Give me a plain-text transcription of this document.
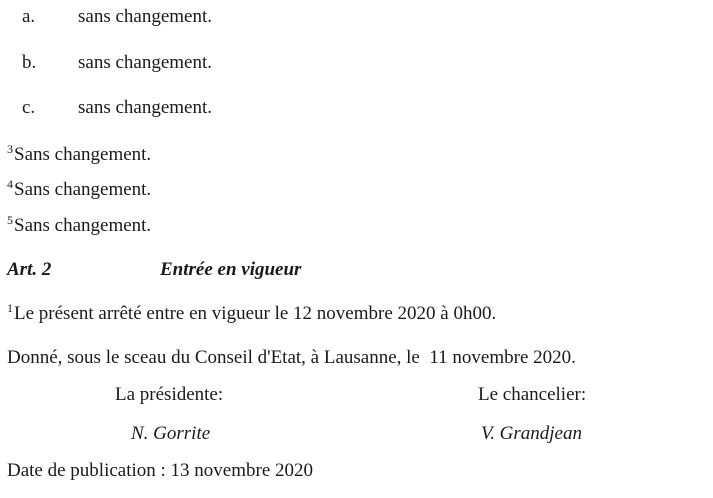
a. sans changement.
b. sans changement.
c. sans changement.
$^3$Sans changement.
$^4$Sans changement.
$^5$Sans changement.
Art. 2	Entrée en vigueur
$^1$Le présent arrêté entre en vigueur le 12 novembre 2020 à 0h00.
Donné, sous le sceau du Conseil d'Etat, à Lausanne, le  11 novembre 2020.
La présidente:	Le chancelier:
N. Gorrite	V. Grandjean
Date de publication : 13 novembre 2020
